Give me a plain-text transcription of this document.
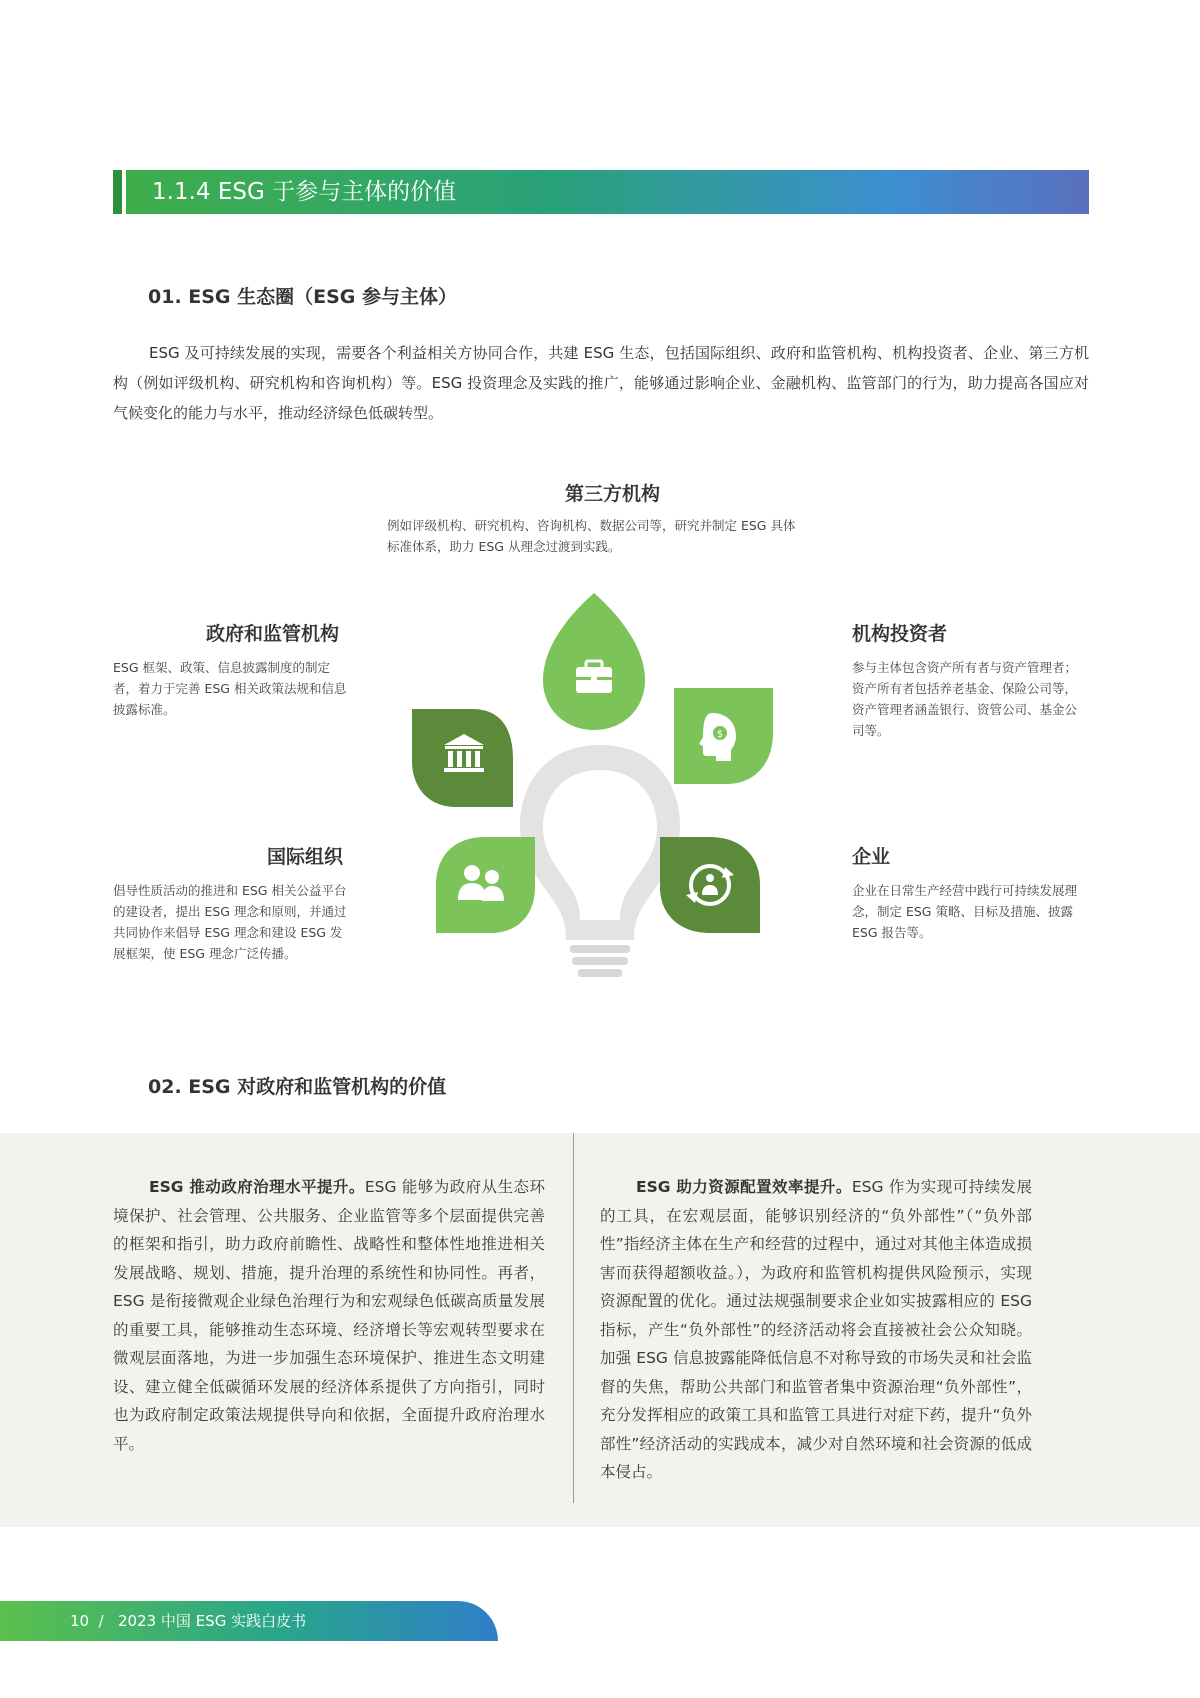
1.1.4 ESG 于参与主体的价值
01. ESG 生态圈（ESG 参与主体）
ESG 及可持续发展的实现，需要各个利益相关方协同合作，共建 ESG 生态，包括国际组织、政府和监管机构、机构投资者、企业、第三方机构（例如评级机构、研究机构和咨询机构）等。ESG 投资理念及实践的推广，能够通过影响企业、金融机构、监管部门的行为，助力提高各国应对气候变化的能力与水平，推动经济绿色低碳转型。
第三方机构
例如评级机构、研究机构、咨询机构、数据公司等，研究并制定 ESG 具体标准体系，助力 ESG 从理念过渡到实践。
政府和监管机构
ESG 框架、政策、信息披露制度的制定者，着力于完善 ESG 相关政策法规和信息披露标准。
机构投资者
参与主体包含资产所有者与资产管理者；资产所有者包括养老基金、保险公司等，资产管理者涵盖银行、资管公司、基金公司等。
国际组织
倡导性质活动的推进和 ESG 相关公益平台的建设者，提出 ESG 理念和原则，并通过共同协作来倡导 ESG 理念和建设 ESG 发展框架，使 ESG 理念广泛传播。
企业
企业在日常生产经营中践行可持续发展理念，制定 ESG 策略、目标及措施、披露 ESG 报告等。
$
02. ESG 对政府和监管机构的价值
ESG 推动政府治理水平提升。ESG 能够为政府从生态环境保护、社会管理、公共服务、企业监管等多个层面提供完善的框架和指引，助力政府前瞻性、战略性和整体性地推进相关发展战略、规划、措施，提升治理的系统性和协同性。再者，ESG 是衔接微观企业绿色治理行为和宏观绿色低碳高质量发展的重要工具，能够推动生态环境、经济增长等宏观转型要求在微观层面落地，为进一步加强生态环境保护、推进生态文明建设、建立健全低碳循环发展的经济体系提供了方向指引，同时也为政府制定政策法规提供导向和依据，全面提升政府治理水平。
ESG 助力资源配置效率提升。ESG 作为实现可持续发展的工具，在宏观层面，能够识别经济的“负外部性”（“负外部性”指经济主体在生产和经营的过程中，通过对其他主体造成损害而获得超额收益。），为政府和监管机构提供风险预示，实现资源配置的优化。通过法规强制要求企业如实披露相应的 ESG 指标，产生“负外部性”的经济活动将会直接被社会公众知晓。加强 ESG 信息披露能降低信息不对称导致的市场失灵和社会监督的失焦，帮助公共部门和监管者集中资源治理“负外部性”，充分发挥相应的政策工具和监管工具进行对症下药，提升“负外部性”经济活动的实践成本，减少对自然环境和社会资源的低成本侵占。
10  /   2023 中国 ESG 实践白皮书
